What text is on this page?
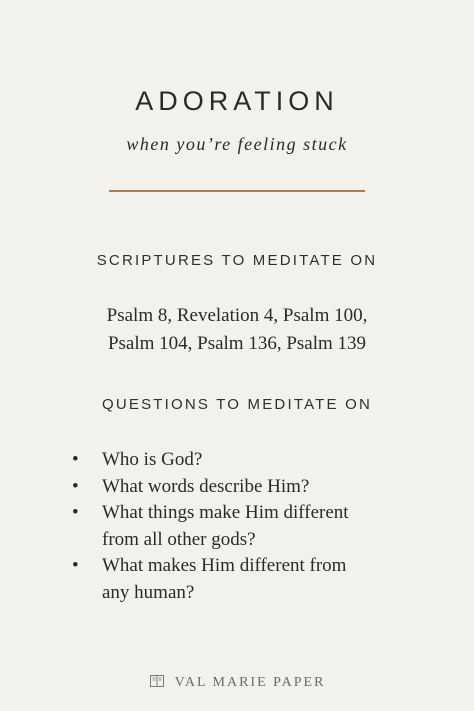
ADORATION
when you’re feeling stuck
SCRIPTURES TO MEDITATE ON
Psalm 8, Revelation 4, Psalm 100,
Psalm 104, Psalm 136, Psalm 139
QUESTIONS TO MEDITATE ON
• Who is God?
• What words describe Him?
• What things make Him different
from all other gods?
• What makes Him different from
any human?
VAL MARIE PAPER
